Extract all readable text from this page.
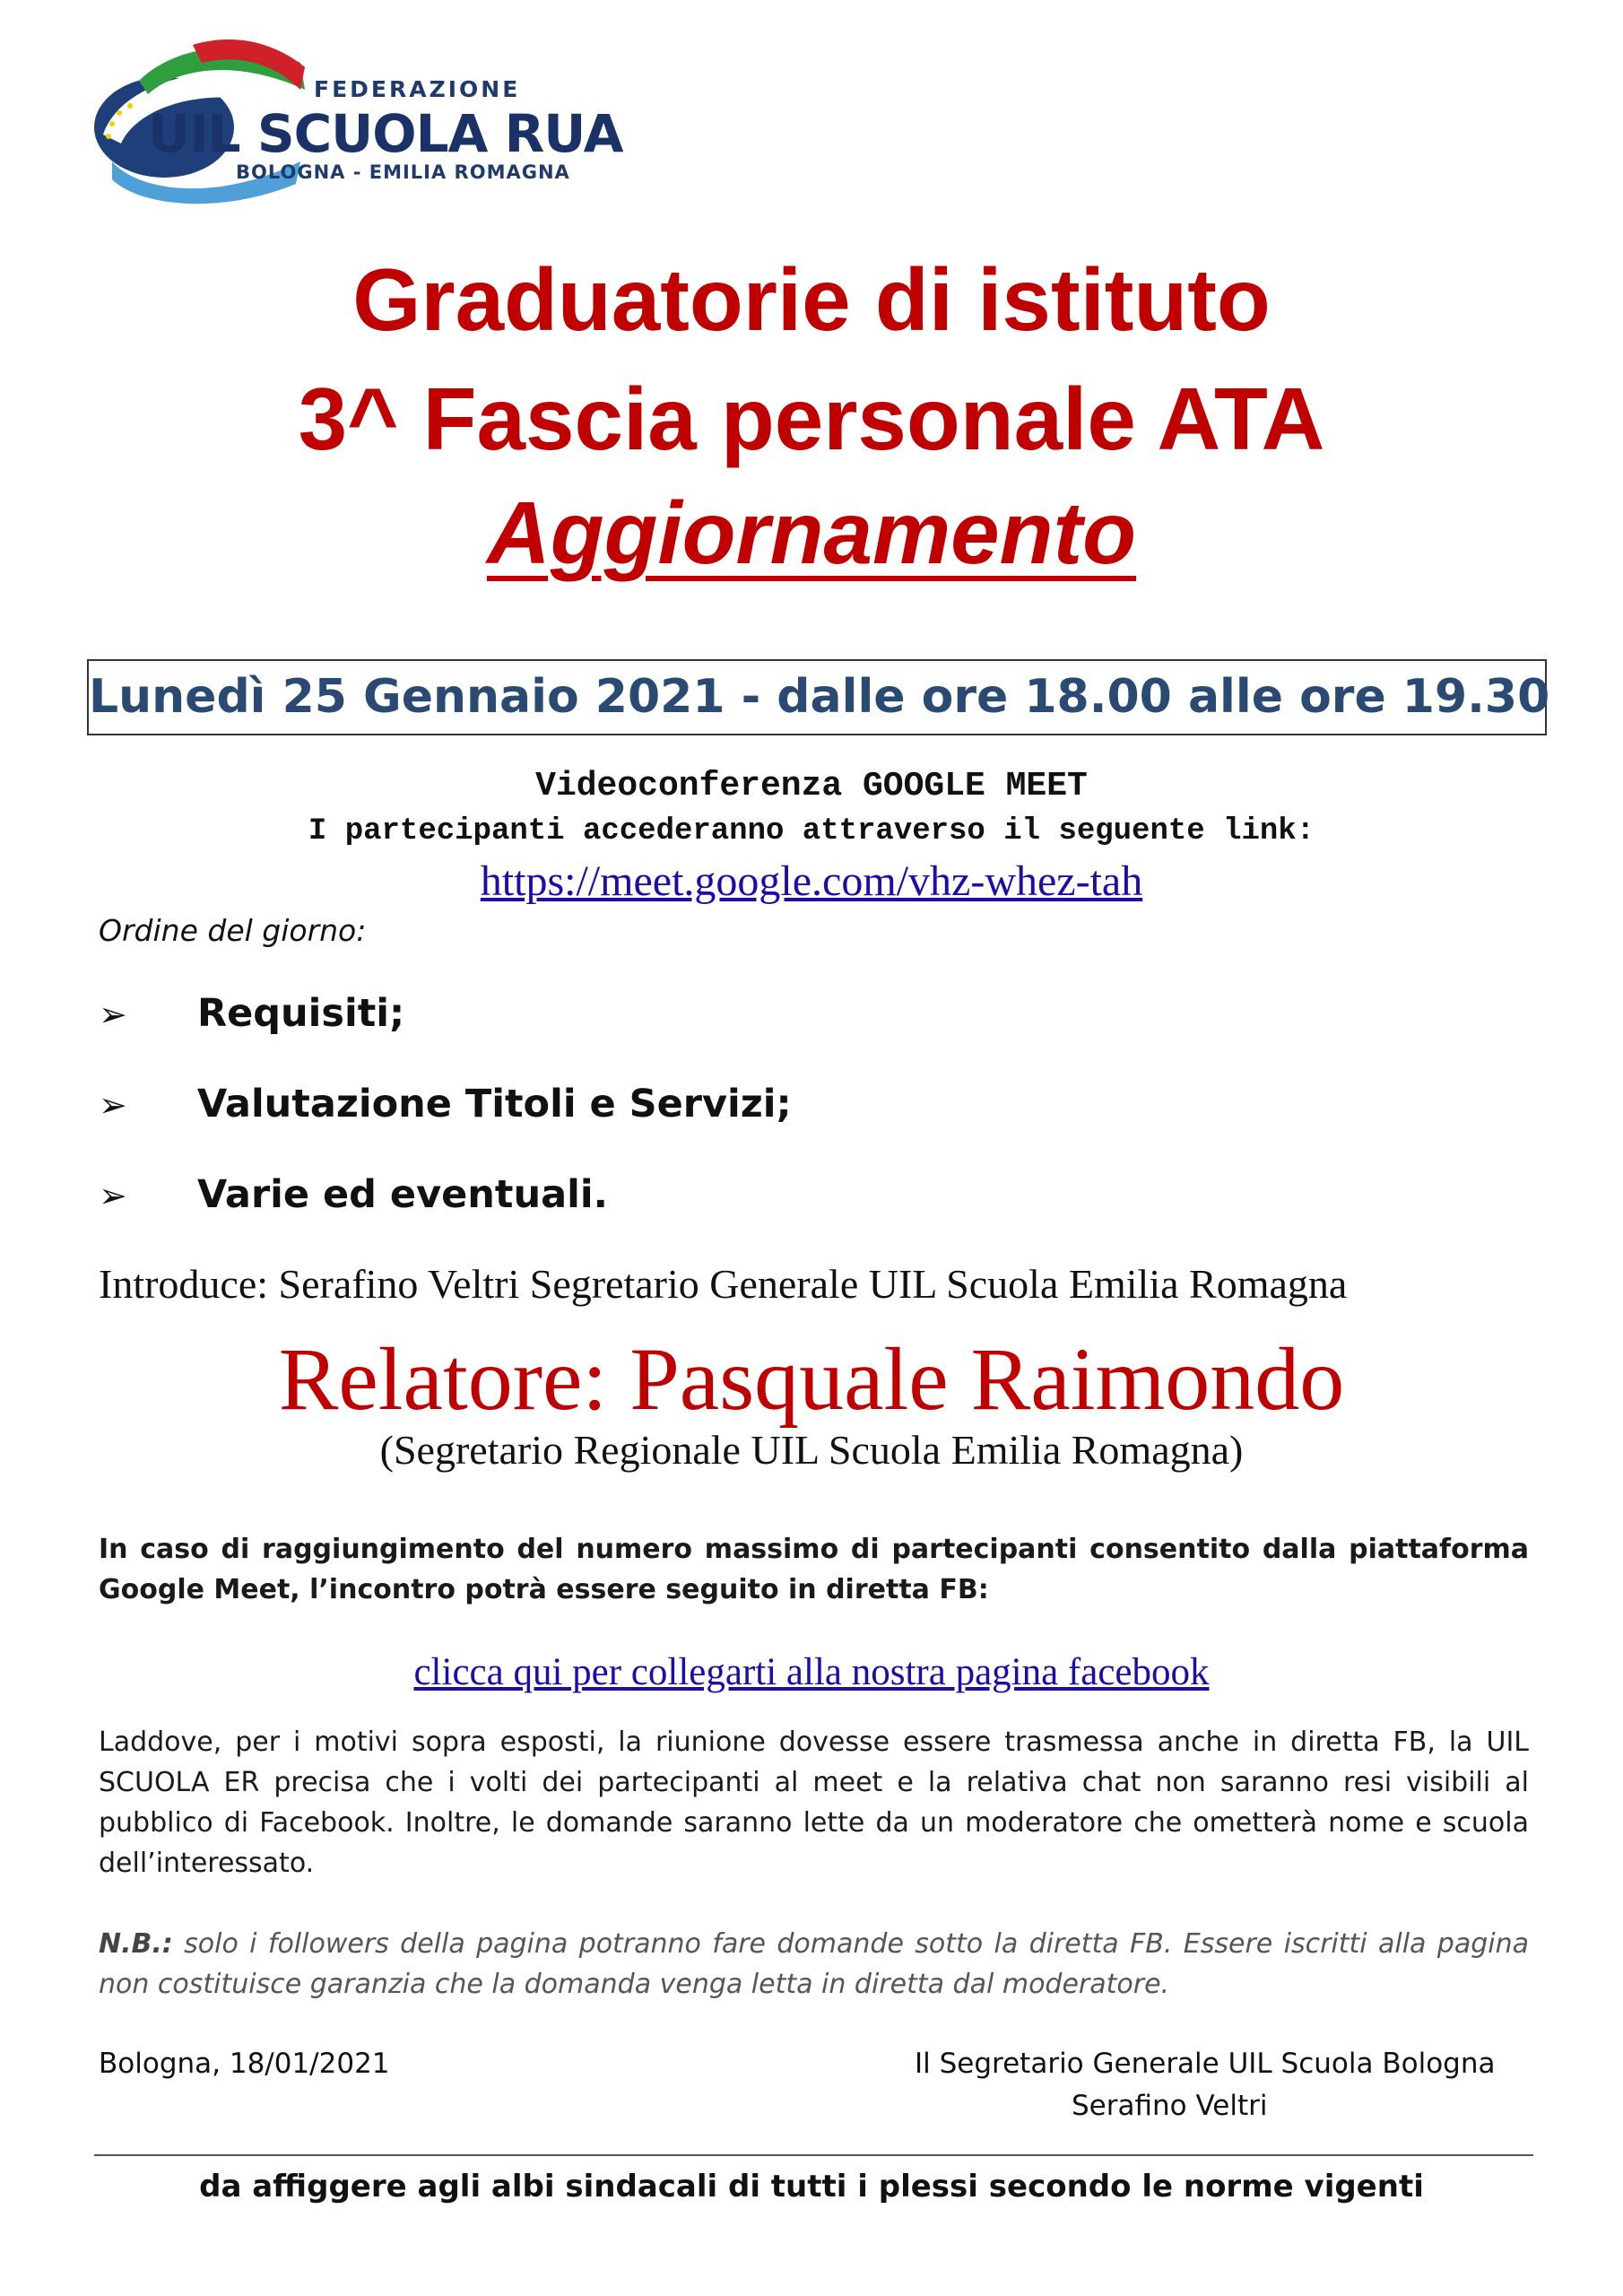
FEDERAZIONE
UIL SCUOLA RUA
BOLOGNA - EMILIA ROMAGNA
Graduatorie di istituto
3^ Fascia personale ATA
Aggiornamento
Lunedì 25 Gennaio 2021 - dalle ore 18.00 alle ore 19.30
Videoconferenza GOOGLE MEET
I partecipanti accederanno attraverso il seguente link:
https://meet.google.com/vhz-whez-tah
Ordine del giorno:
➢ Requisiti;
➢ Valutazione Titoli e Servizi;
➢ Varie ed eventuali.
Introduce: Serafino Veltri Segretario Generale UIL Scuola Emilia Romagna
Relatore: Pasquale Raimondo
(Segretario Regionale UIL Scuola Emilia Romagna)
In caso di raggiungimento del numero massimo di partecipanti consentito dalla piattaforma Google Meet, l’incontro potrà essere seguito in diretta FB:
clicca qui per collegarti alla nostra pagina facebook
Laddove, per i motivi sopra esposti, la riunione dovesse essere trasmessa anche in diretta FB, la UIL SCUOLA ER precisa che i volti dei partecipanti al meet e la relativa chat non saranno resi visibili al pubblico di Facebook. Inoltre, le domande saranno lette da un moderatore che ometterà nome e scuola dell’interessato.
N.B.: solo i followers della pagina potranno fare domande sotto la diretta FB. Essere iscritti alla pagina non costituisce garanzia che la domanda venga letta in diretta dal moderatore.
Bologna, 18/01/2021	Il Segretario Generale UIL Scuola Bologna
Serafino Veltri
da affiggere agli albi sindacali di tutti i plessi secondo le norme vigenti
